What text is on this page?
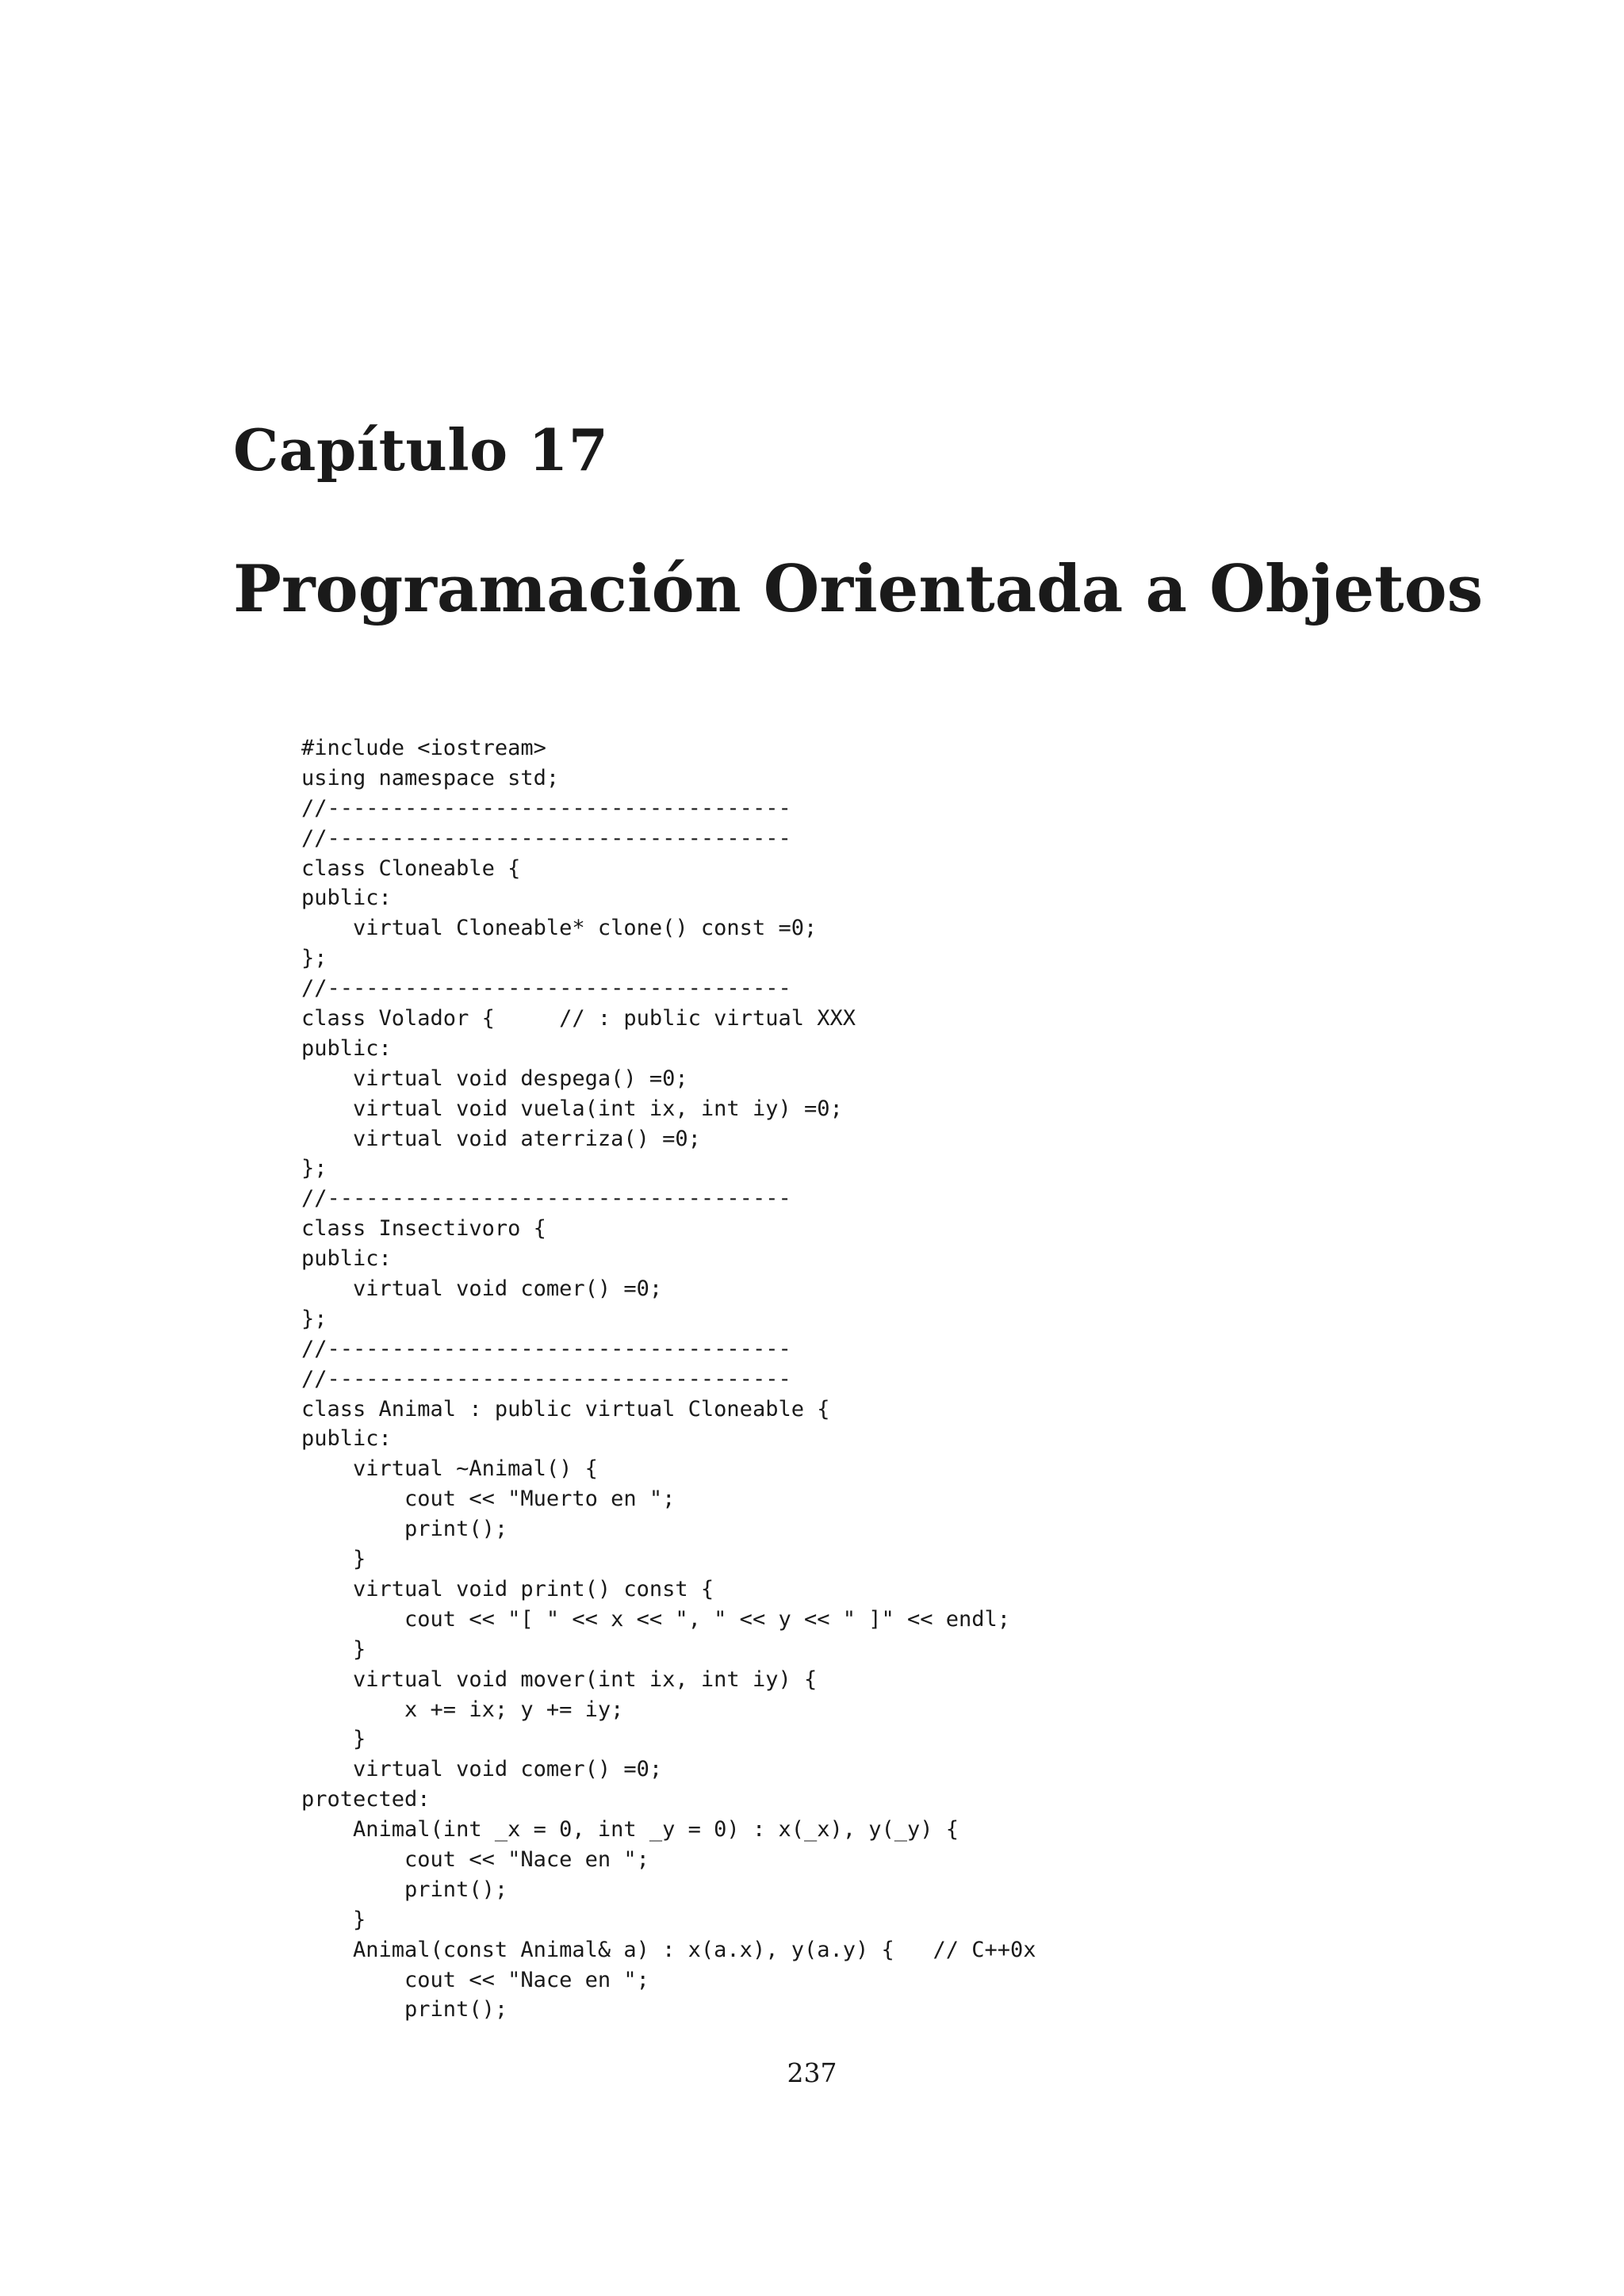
Capítulo 17
Programación Orientada a Objetos
#include <iostream>
using namespace std;
//------------------------------------
//------------------------------------
class Cloneable {
public:
virtual Cloneable* clone() const =0;
};
//------------------------------------
class Volador {     // : public virtual XXX
public:
virtual void despega() =0;
virtual void vuela(int ix, int iy) =0;
virtual void aterriza() =0;
};
//------------------------------------
class Insectivoro {
public:
virtual void comer() =0;
};
//------------------------------------
//------------------------------------
class Animal : public virtual Cloneable {
public:
virtual ~Animal() {
cout << "Muerto en ";
print();
}
virtual void print() const {
cout << "[ " << x << ", " << y << " ]" << endl;
}
virtual void mover(int ix, int iy) {
x += ix; y += iy;
}
virtual void comer() =0;
protected:
Animal(int _x = 0, int _y = 0) : x(_x), y(_y) {
cout << "Nace en ";
print();
}
Animal(const Animal& a) : x(a.x), y(a.y) {   // C++0x
cout << "Nace en ";
print();
237
